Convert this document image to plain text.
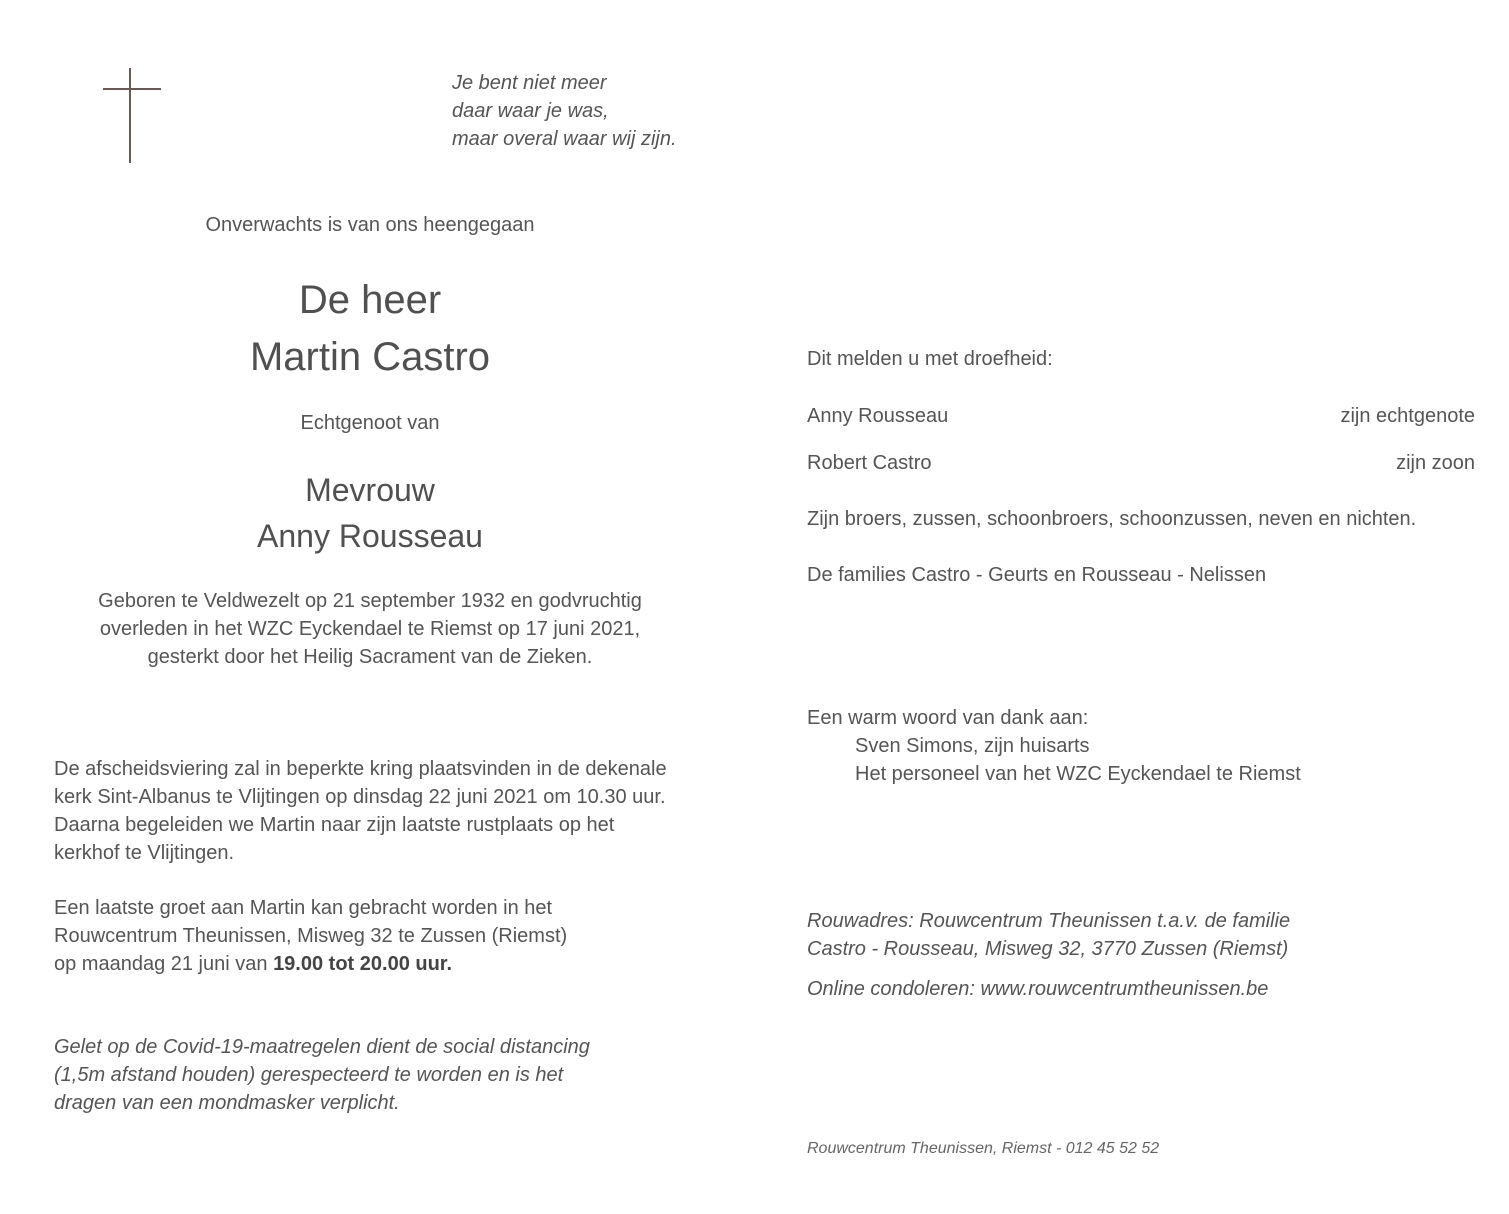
Je bent niet meer
daar waar je was,
maar overal waar wij zijn.
Onverwachts is van ons heengegaan
De heer
Martin Castro
Echtgenoot van
Mevrouw
Anny Rousseau
Geboren te Veldwezelt op 21 september 1932 en godvruchtig
overleden in het WZC Eyckendael te Riemst op 17 juni 2021,
gesterkt door het Heilig Sacrament van de Zieken.
De afscheidsviering zal in beperkte kring plaatsvinden in de dekenale
kerk Sint-Albanus te Vlijtingen op dinsdag 22 juni 2021 om 10.30 uur.
Daarna begeleiden we Martin naar zijn laatste rustplaats op het
kerkhof te Vlijtingen.
Een laatste groet aan Martin kan gebracht worden in het
Rouwcentrum Theunissen, Misweg 32 te Zussen (Riemst)
op maandag 21 juni van 19.00 tot 20.00 uur.
Gelet op de Covid-19-maatregelen dient de social distancing
(1,5m afstand houden) gerespecteerd te worden en is het
dragen van een mondmasker verplicht.
Dit melden u met droefheid:
Anny Rousseau	zijn echtgenote
Robert Castro	zijn zoon
Zijn broers, zussen, schoonbroers, schoonzussen, neven en nichten.
De families Castro - Geurts en Rousseau - Nelissen
Een warm woord van dank aan:
Sven Simons, zijn huisarts
Het personeel van het WZC Eyckendael te Riemst
Rouwadres: Rouwcentrum Theunissen t.a.v. de familie
Castro - Rousseau, Misweg 32, 3770 Zussen (Riemst)
Online condoleren: www.rouwcentrumtheunissen.be
Rouwcentrum Theunissen, Riemst - 012 45 52 52
